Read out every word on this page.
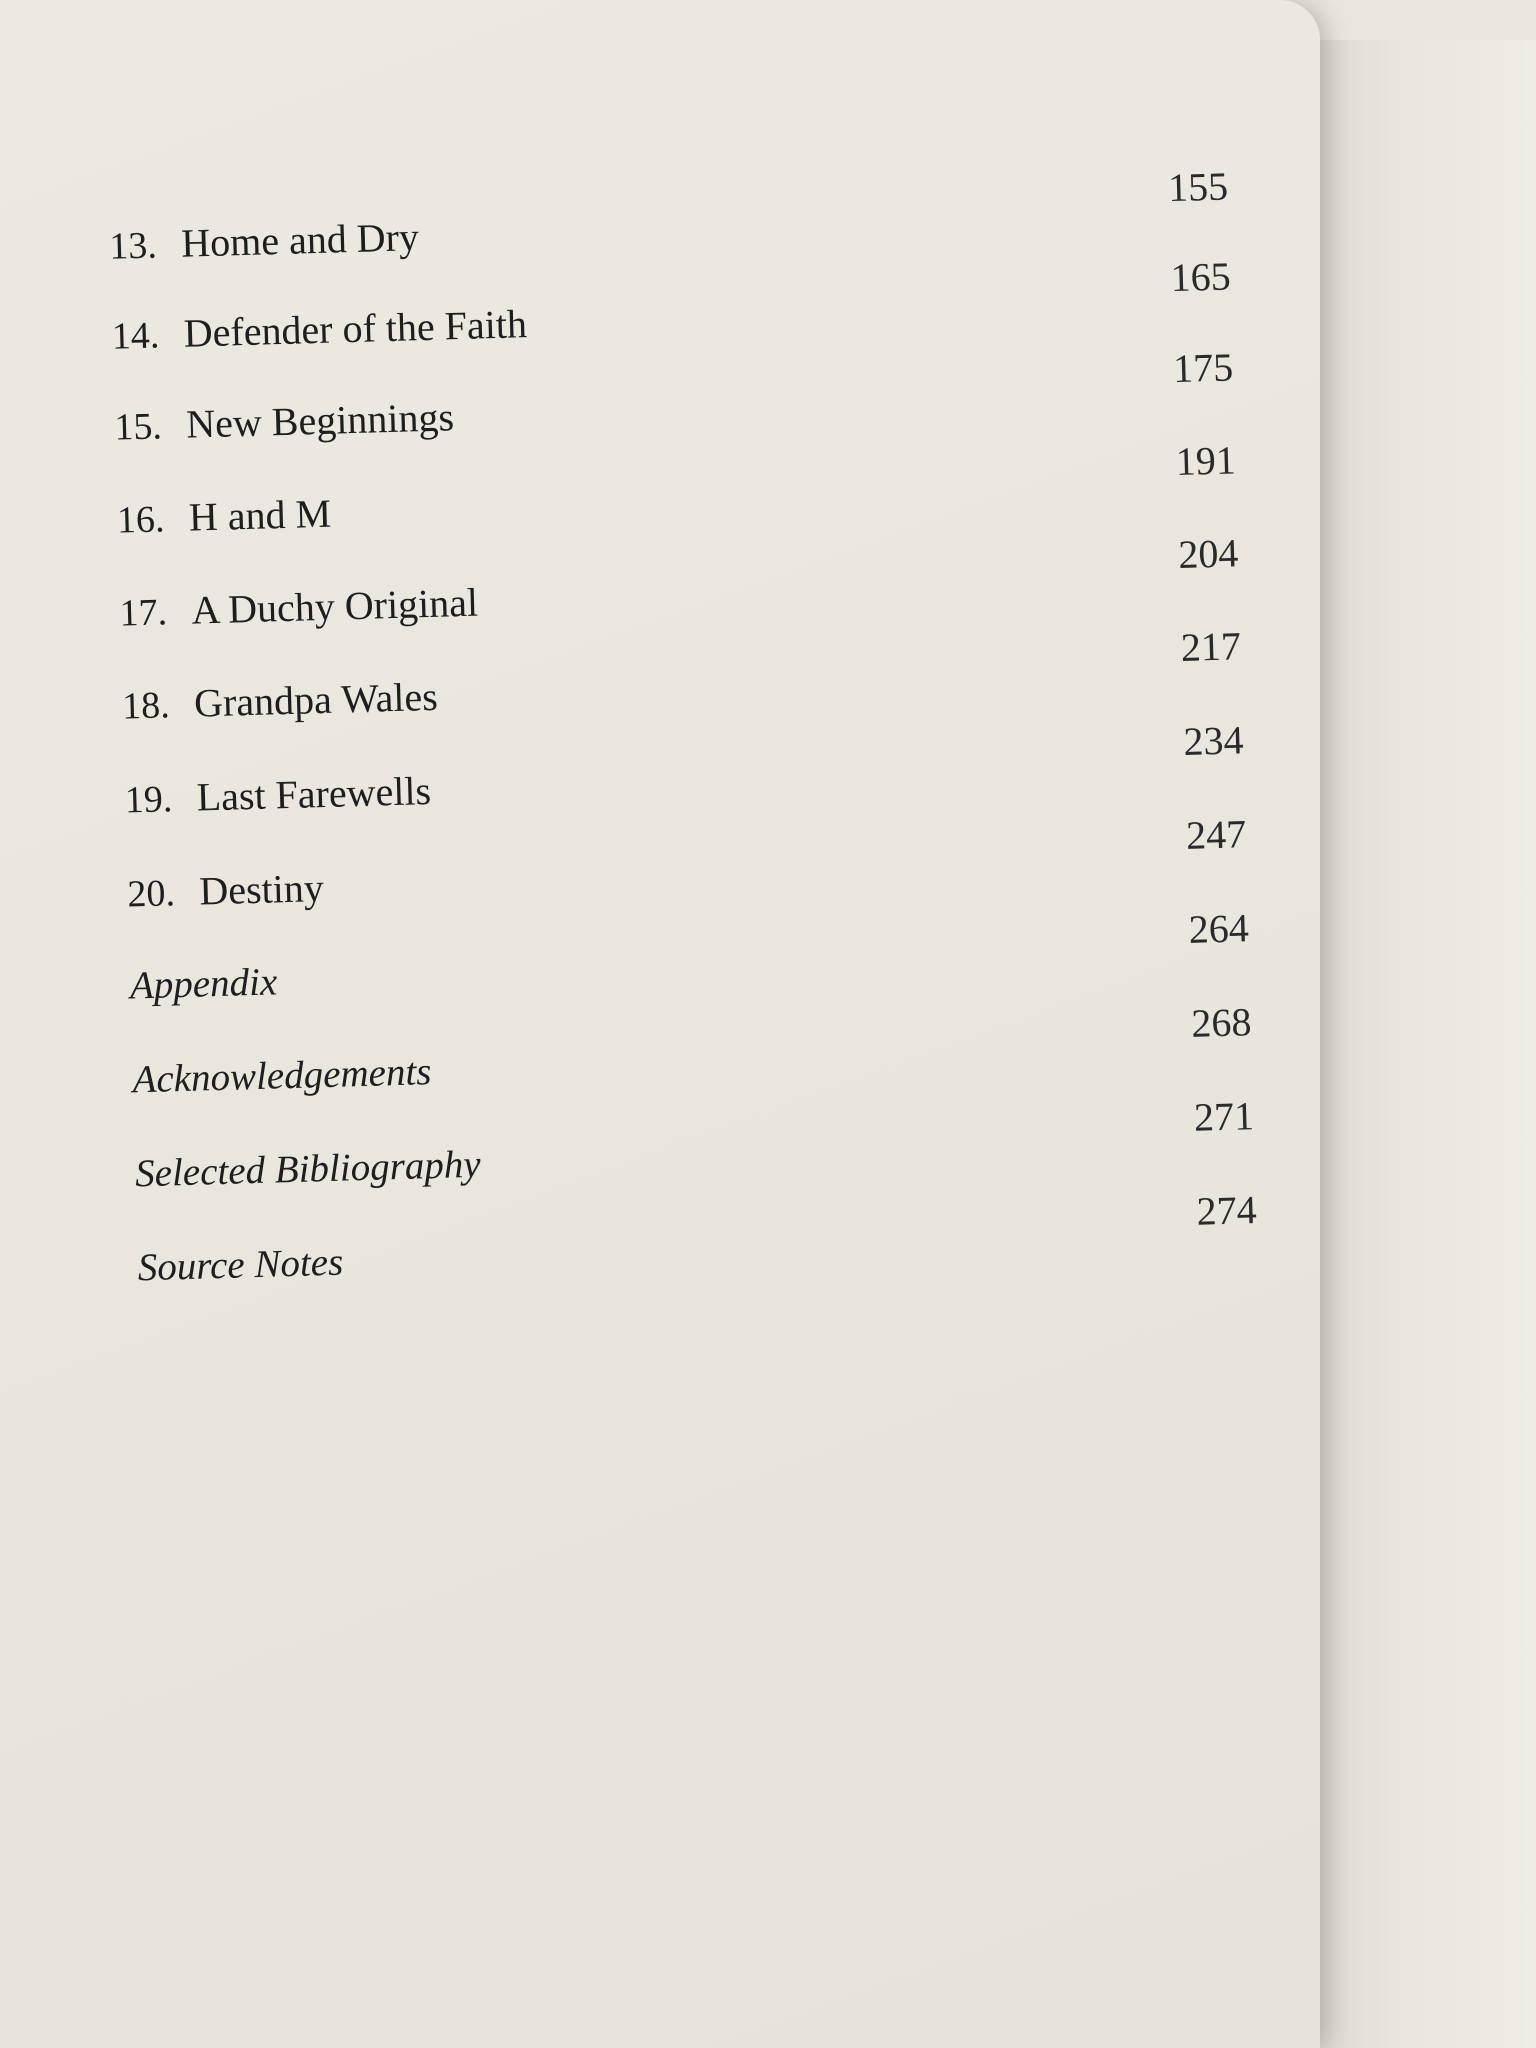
13. Home and Dry
155
14. Defender of the Faith
165
15. New Beginnings
175
16. H and M
191
17. A Duchy Original
204
18. Grandpa Wales
217
19. Last Farewells
234
20. Destiny
247
Appendix
264
Acknowledgements
268
Selected Bibliography
271
Source Notes
274
